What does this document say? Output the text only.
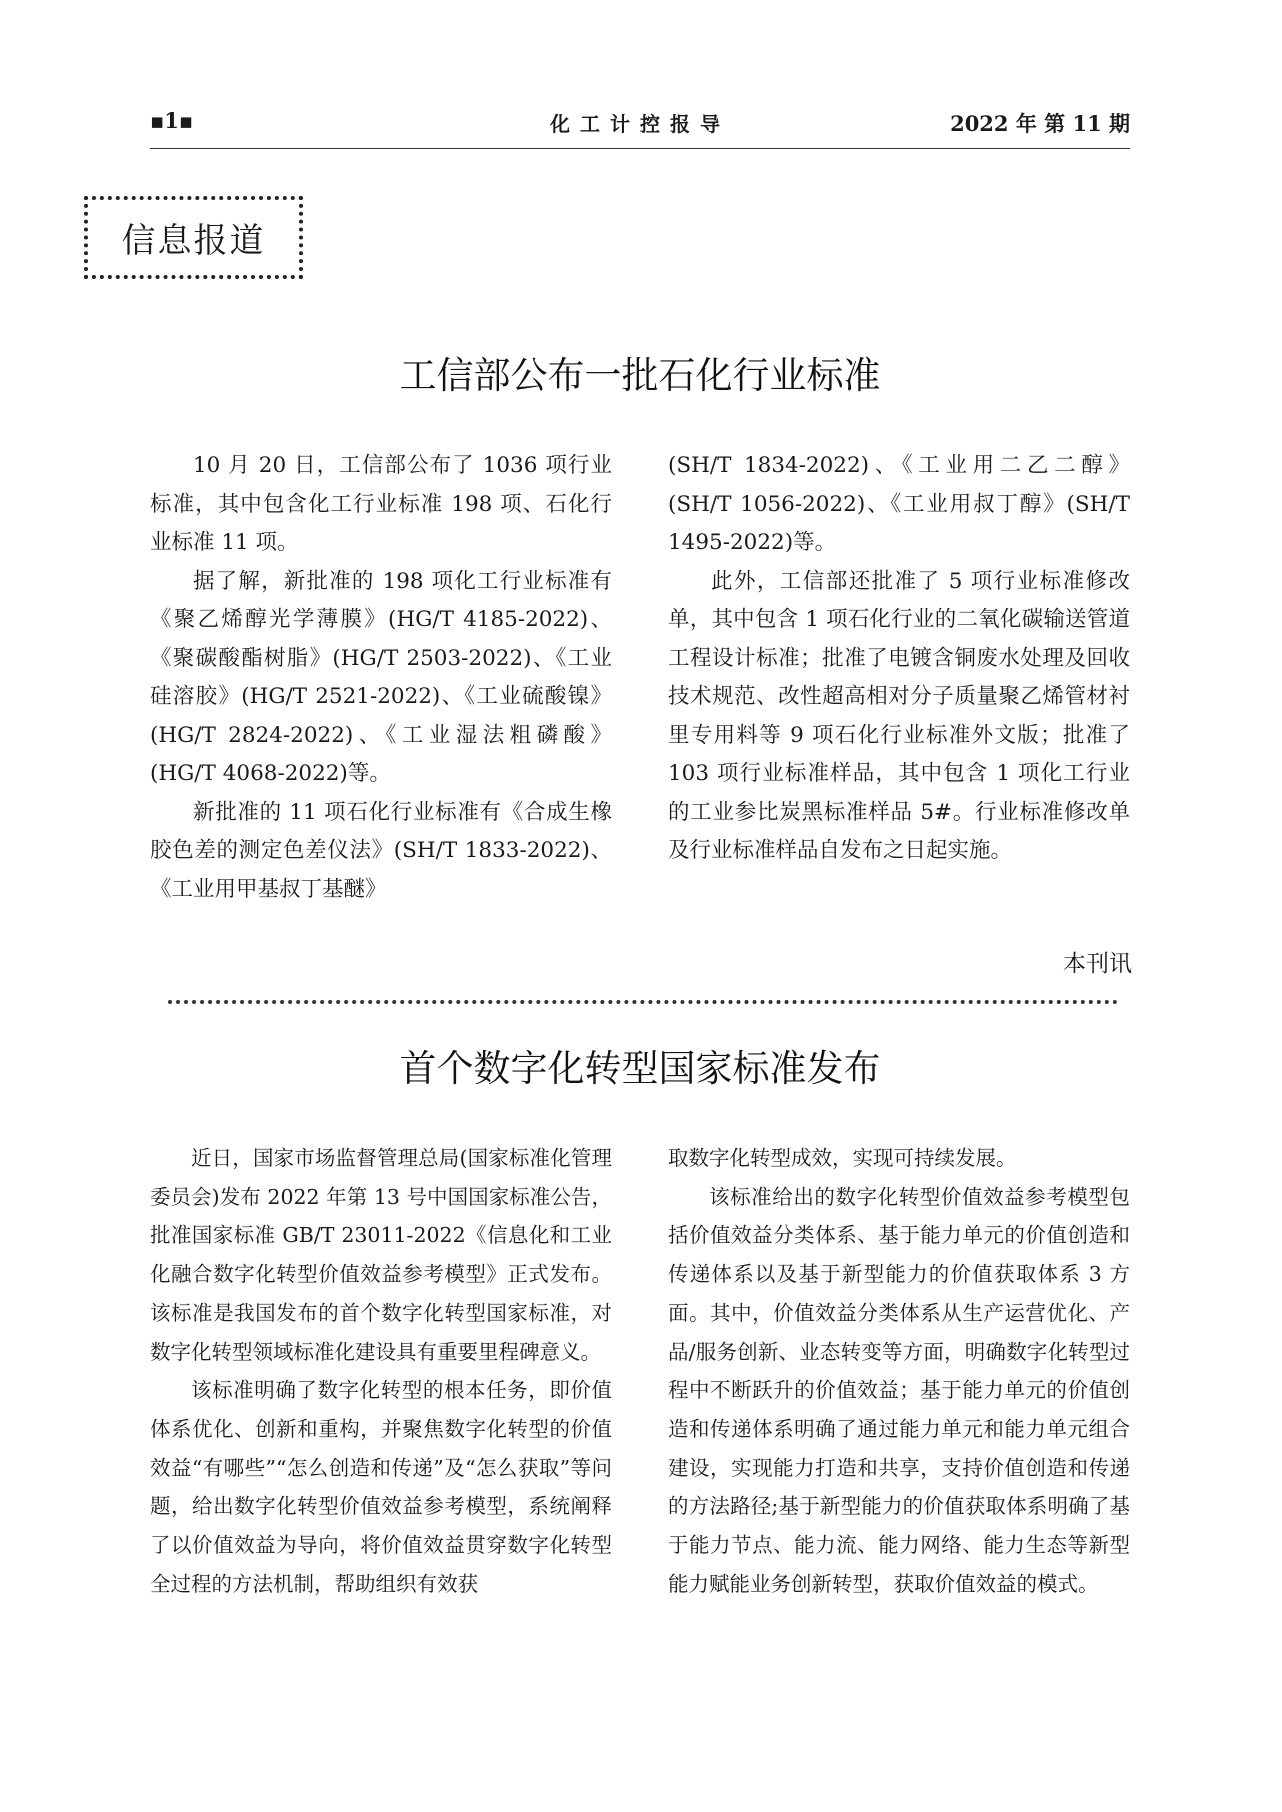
▪1▪	化工计控报导	2022 年 第 11 期
信息报道
工信部公布一批石化行业标准

10 月 20 日，工信部公布了 1036 项行业标准，其中包含化工行业标准 198 项、石化行业标准 11 项。

据了解，新批准的 198 项化工行业标准有《聚乙烯醇光学薄膜》(HG/T 4185-2022)、《聚碳酸酯树脂》(HG/T 2503-2022)、《工业硅溶胶》(HG/T 2521-2022)、《工业硫酸镍》(HG/T 2824-2022)、《工业湿法粗磷酸》(HG/T 4068-2022)等。

新批准的 11 项石化行业标准有《合成生橡胶色差的测定色差仪法》(SH/T 1833-2022)、《工业用甲基叔丁基醚》

(SH/T 1834-2022)、《工业用二乙二醇》(SH/T 1056-2022)、《工业用叔丁醇》(SH/T 1495-2022)等。

此外，工信部还批准了 5 项行业标准修改单，其中包含 1 项石化行业的二氧化碳输送管道工程设计标准；批准了电镀含铜废水处理及回收技术规范、改性超高相对分子质量聚乙烯管材衬里专用料等 9 项石化行业标准外文版；批准了 103 项行业标准样品，其中包含 1 项化工行业的工业参比炭黑标准样品 5#。行业标准修改单及行业标准样品自发布之日起实施。

本刊讯
首个数字化转型国家标准发布

近日，国家市场监督管理总局(国家标准化管理委员会)发布 2022 年第 13 号中国国家标准公告，批准国家标准 GB/T 23011-2022《信息化和工业化融合数字化转型价值效益参考模型》正式发布。该标准是我国发布的首个数字化转型国家标准，对数字化转型领域标准化建设具有重要里程碑意义。

该标准明确了数字化转型的根本任务，即价值体系优化、创新和重构，并聚焦数字化转型的价值效益“有哪些”“怎么创造和传递”及“怎么获取”等问题，给出数字化转型价值效益参考模型，系统阐释了以价值效益为导向，将价值效益贯穿数字化转型全过程的方法机制，帮助组织有效获

取数字化转型成效，实现可持续发展。

该标准给出的数字化转型价值效益参考模型包括价值效益分类体系、基于能力单元的价值创造和传递体系以及基于新型能力的价值获取体系 3 方面。其中，价值效益分类体系从生产运营优化、产品/服务创新、业态转变等方面，明确数字化转型过程中不断跃升的价值效益；基于能力单元的价值创造和传递体系明确了通过能力单元和能力单元组合建设，实现能力打造和共享，支持价值创造和传递的方法路径;基于新型能力的价值获取体系明确了基于能力节点、能力流、能力网络、能力生态等新型能力赋能业务创新转型，获取价值效益的模式。
